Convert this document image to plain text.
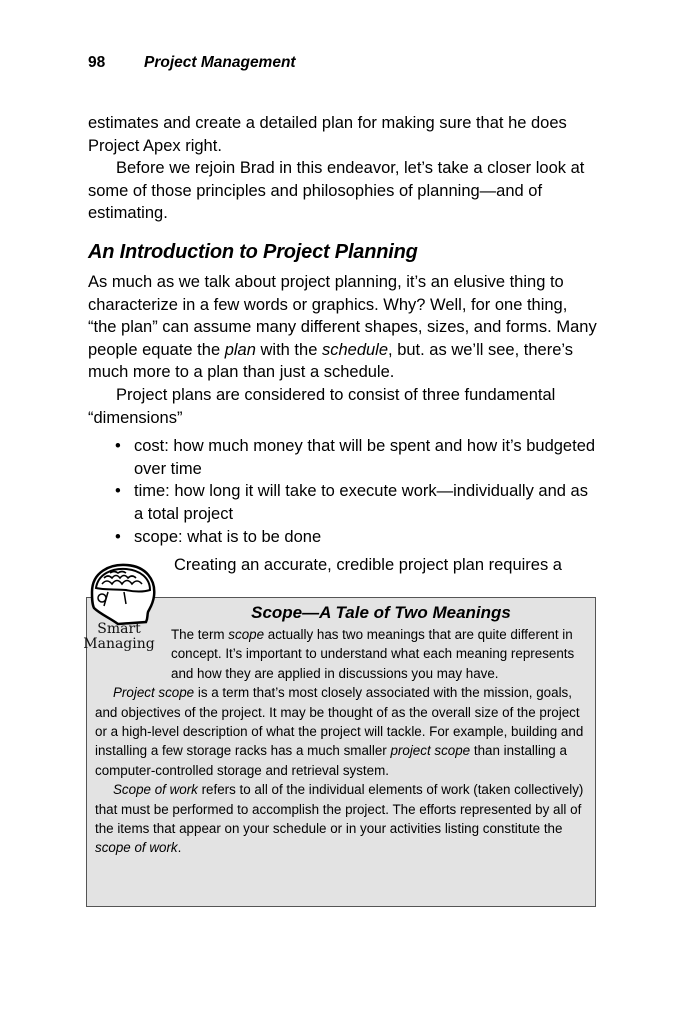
98	Project Management

estimates and create a detailed plan for making sure that he does Project Apex right.

Before we rejoin Brad in this endeavor, let’s take a closer look at some of those principles and philosophies of planning—and of estimating.

An Introduction to Project Planning

As much as we talk about project planning, it’s an elusive thing to characterize in a few words or graphics. Why? Well, for one thing, “the plan” can assume many different shapes, sizes, and forms. Many people equate the plan with the schedule, but. as we’ll see, there’s much more to a plan than just a schedule.

Project plans are considered to consist of three fundamental “dimensions”

• cost: how much money that will be spent and how it’s budgeted over time
• time: how long it will take to execute work—individually and as a total project
• scope: what is to be done

Creating an accurate, credible project plan requires a

Scope—A Tale of Two Meanings

The term scope actually has two meanings that are quite different in concept. It’s important to understand what each meaning represents and how they are applied in discussions you may have.

Project scope is a term that’s most closely associated with the mission, goals, and objectives of the project. It may be thought of as the overall size of the project or a high-level description of what the project will tackle. For example, building and installing a few storage racks has a much smaller project scope than installing a computer-controlled storage and retrieval system.

Scope of work refers to all of the individual elements of work (taken collectively) that must be performed to accomplish the project. The efforts represented by all of the items that appear on your schedule or in your activities listing constitute the scope of work.

Smart
Managing
